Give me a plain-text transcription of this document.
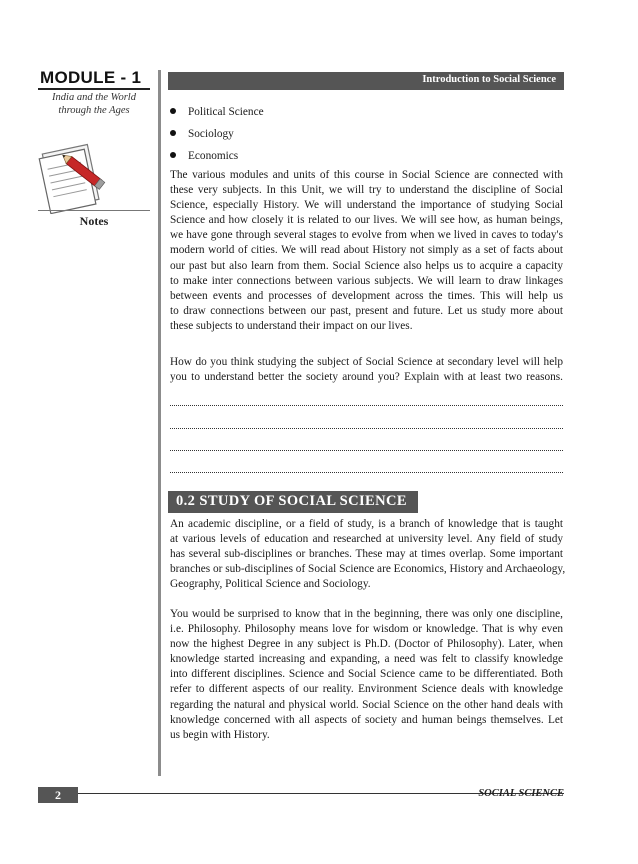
MODULE - 1
India and the World
through the Ages
Notes
Introduction to Social Science
Political Science
Sociology
Economics
The various modules and units of this course in Social Science are connected with
these very subjects. In this Unit, we will try to understand the discipline of Social
Science, especially History. We will understand the importance of studying Social
Science and how closely it is related to our lives. We will see how, as human beings,
we have gone through several stages to evolve from when we lived in caves to today's
modern world of cities. We will read about History not simply as a set of facts about
our past but also learn from them. Social Science also helps us to acquire a capacity
to make inter connections between various subjects. We will learn to draw linkages
between events and processes of development across the times. This will help us
to draw connections between our past, present and future. Let us study more about
these subjects to understand their impact on our lives.
How do you think studying the subject of Social Science at secondary level will help
you to understand better the society around you? Explain with at least two reasons.
0.2 STUDY OF SOCIAL SCIENCE
An academic discipline, or a field of study, is a branch of knowledge that is taught
at various levels of education and researched at university level. Any field of study
has several sub-disciplines or branches. These may at times overlap. Some important
branches or sub-disciplines of Social Science are Economics, History and Archaeology,
Geography, Political Science and Sociology.
You would be surprised to know that in the beginning, there was only one discipline,
i.e. Philosophy. Philosophy means love for wisdom or knowledge. That is why even
now the highest Degree in any subject is Ph.D. (Doctor of Philosophy). Later, when
knowledge started increasing and expanding, a need was felt to classify knowledge
into different disciplines. Science and Social Science came to be differentiated. Both
refer to different aspects of our reality. Environment Science deals with knowledge
regarding the natural and physical world. Social Science on the other hand deals with
knowledge concerned with all aspects of society and human beings themselves. Let
us begin with History.
2	SOCIAL SCIENCE
